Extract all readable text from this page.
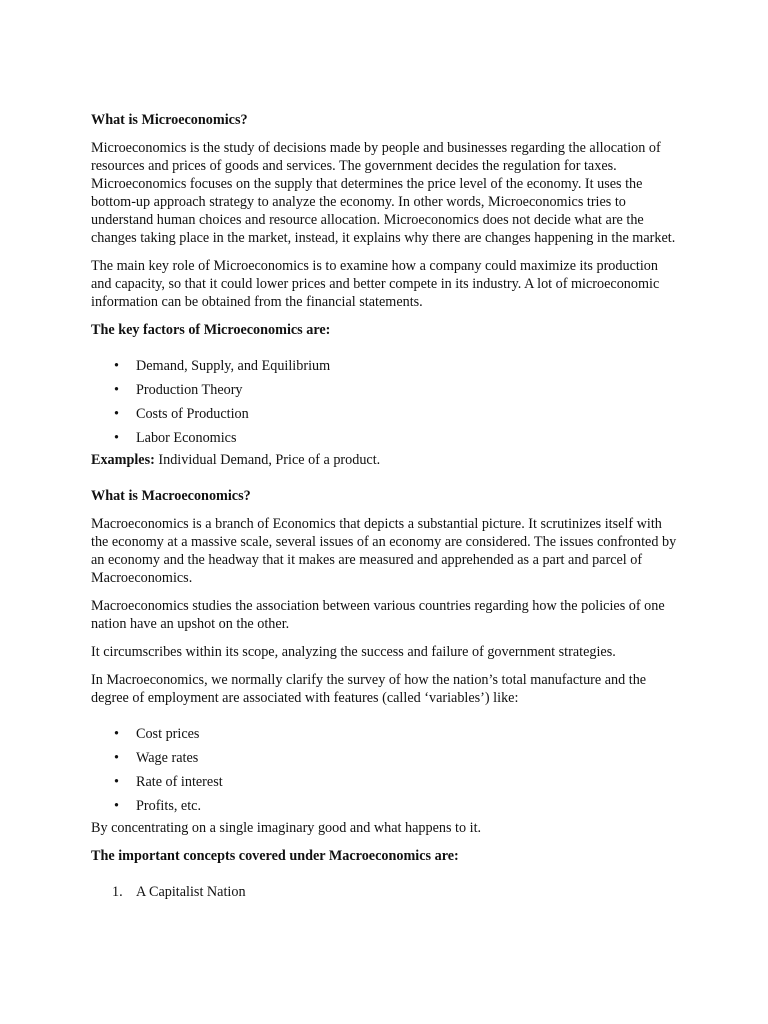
What is Microeconomics?

Microeconomics is the study of decisions made by people and businesses regarding the allocation of resources and prices of goods and services. The government decides the regulation for taxes. Microeconomics focuses on the supply that determines the price level of the economy. It uses the bottom-up approach strategy to analyze the economy. In other words, Microeconomics tries to understand human choices and resource allocation. Microeconomics does not decide what are the changes taking place in the market, instead, it explains why there are changes happening in the market.

The main key role of Microeconomics is to examine how a company could maximize its production and capacity, so that it could lower prices and better compete in its industry. A lot of microeconomic information can be obtained from the financial statements.

The key factors of Microeconomics are:

• Demand, Supply, and Equilibrium
• Production Theory
• Costs of Production
• Labor Economics

Examples: Individual Demand, Price of a product.

What is Macroeconomics?

Macroeconomics is a branch of Economics that depicts a substantial picture. It scrutinizes itself with the economy at a massive scale, several issues of an economy are considered. The issues confronted by an economy and the headway that it makes are measured and apprehended as a part and parcel of Macroeconomics.

Macroeconomics studies the association between various countries regarding how the policies of one nation have an upshot on the other.

It circumscribes within its scope, analyzing the success and failure of government strategies.

In Macroeconomics, we normally clarify the survey of how the nation’s total manufacture and the degree of employment are associated with features (called ‘variables’) like:

• Cost prices
• Wage rates
• Rate of interest
• Profits, etc.

By concentrating on a single imaginary good and what happens to it.

The important concepts covered under Macroeconomics are:

1. A Capitalist Nation
